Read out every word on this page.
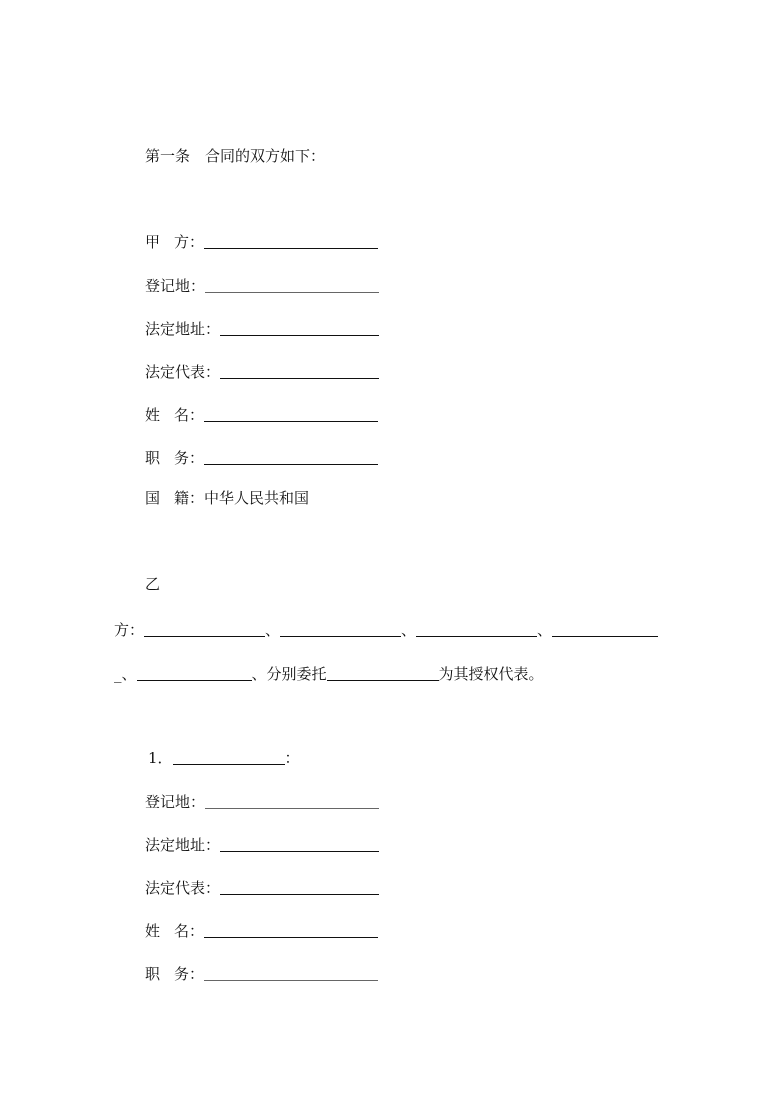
第一条　合同的双方如下：
甲 方：
登记地：
法定地址：
法定代表：
姓 名：
职 务：
国 籍：中华人民共和国
乙
方：	、	、	、
_、	、分别委托	为其授权代表。
1．	：
登记地：
法定地址：
法定代表：
姓 名：
职 务：
